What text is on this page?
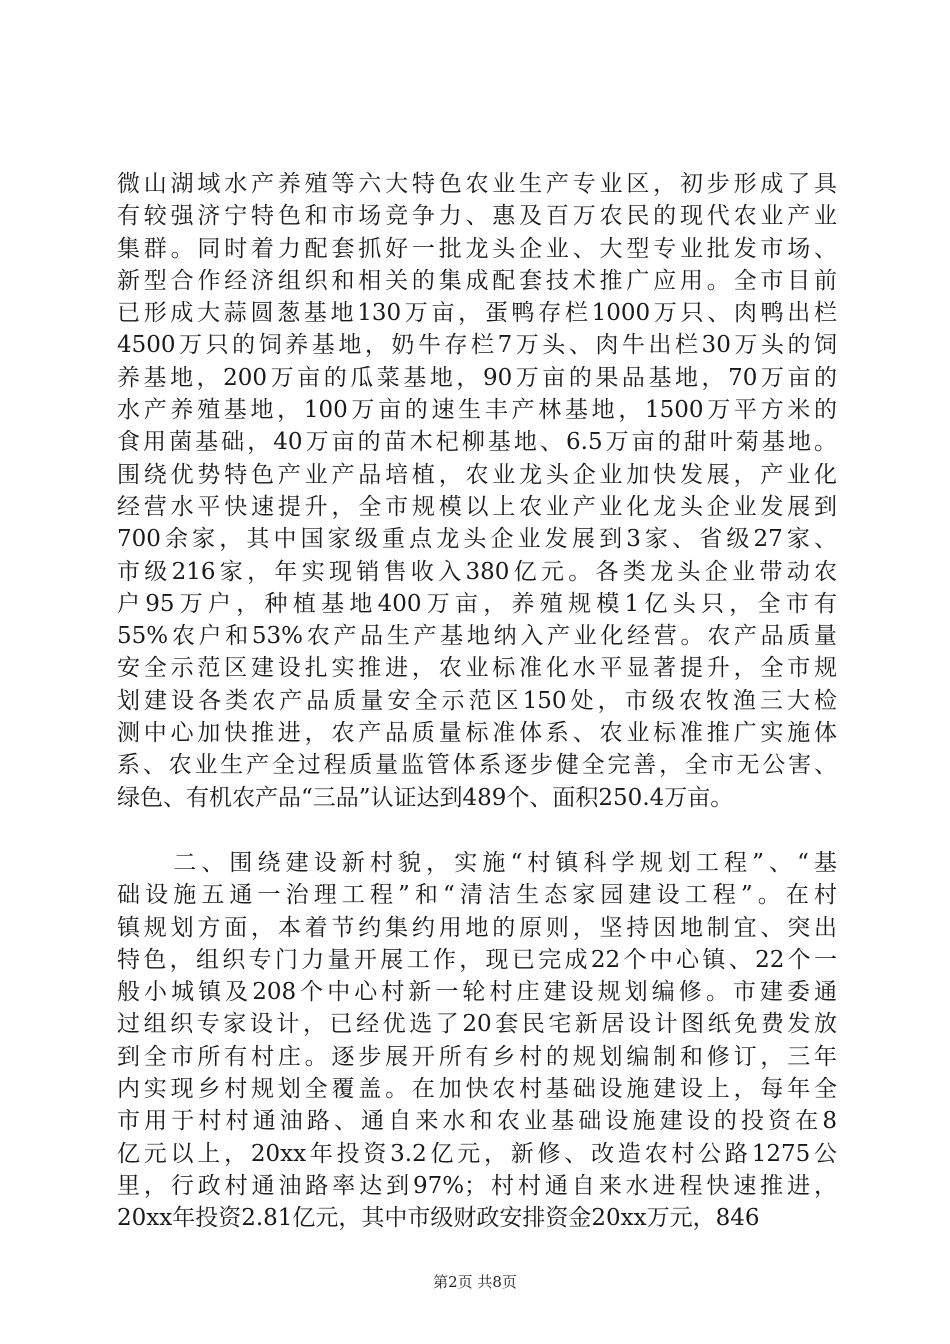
微山湖域水产养殖等六大特色农业生产专业区，初步形成了具
有较强济宁特色和市场竞争力、惠及百万农民的现代农业产业
集群。同时着力配套抓好一批龙头企业、大型专业批发市场、
新型合作经济组织和相关的集成配套技术推广应用。全市目前
已形成大蒜圆葱基地130万亩，蛋鸭存栏1000万只、肉鸭出栏
4500万只的饲养基地，奶牛存栏7万头、肉牛出栏30万头的饲
养基地，200万亩的瓜菜基地，90万亩的果品基地，70万亩的
水产养殖基地，100万亩的速生丰产林基地，1500万平方米的
食用菌基础，40万亩的苗木杞柳基地、6.5万亩的甜叶菊基地。
围绕优势特色产业产品培植，农业龙头企业加快发展，产业化
经营水平快速提升，全市规模以上农业产业化龙头企业发展到
700余家，其中国家级重点龙头企业发展到3家、省级27家、
市级216家，年实现销售收入380亿元。各类龙头企业带动农
户95万户，种植基地400万亩，养殖规模1亿头只，全市有
55%农户和53%农产品生产基地纳入产业化经营。农产品质量
安全示范区建设扎实推进，农业标准化水平显著提升，全市规
划建设各类农产品质量安全示范区150处，市级农牧渔三大检
测中心加快推进，农产品质量标准体系、农业标准推广实施体
系、农业生产全过程质量监管体系逐步健全完善，全市无公害、
绿色、有机农产品“三品”认证达到489个、面积250.4万亩。
　　二、围绕建设新村貌，实施“村镇科学规划工程”、“基
础设施五通一治理工程”和“清洁生态家园建设工程”。在村
镇规划方面，本着节约集约用地的原则，坚持因地制宜、突出
特色，组织专门力量开展工作，现已完成22个中心镇、22个一
般小城镇及208个中心村新一轮村庄建设规划编修。市建委通
过组织专家设计，已经优选了20套民宅新居设计图纸免费发放
到全市所有村庄。逐步展开所有乡村的规划编制和修订，三年
内实现乡村规划全覆盖。在加快农村基础设施建设上，每年全
市用于村村通油路、通自来水和农业基础设施建设的投资在8
亿元以上，20xx年投资3.2亿元，新修、改造农村公路1275公
里，行政村通油路率达到97%；村村通自来水进程快速推进，
20xx年投资2.81亿元，其中市级财政安排资金20xx万元，846
第2页 共8页
